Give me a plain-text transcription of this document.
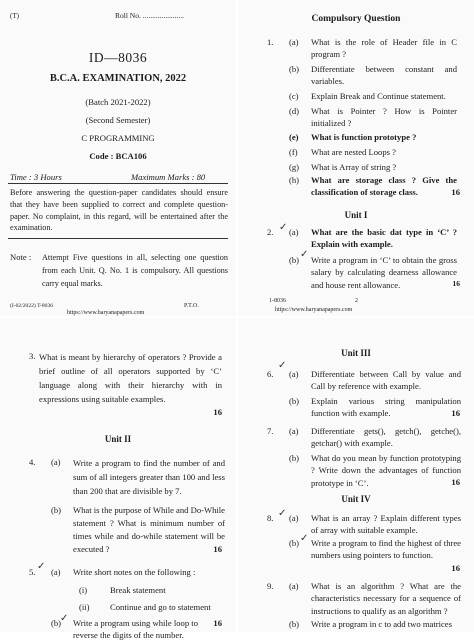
(T)	Roll No. ......................
ID—8036
B.C.A. EXAMINATION, 2022
(Batch 2021-2022)
(Second Semester)
C PROGRAMMING
Code : BCA106
Time : 3 Hours	Maximum Marks : 80
Before answering the question-paper candidates should ensure that they have been supplied to correct and complete question-paper. No complaint, in this regard, will be entertained after the examination.
Note : Attempt Five questions in all, selecting one question from each Unit. Q. No. 1 is compulsory. All questions carry equal marks.
(I-02/2022) T-8036	P.T.O.
https://www.haryanapapers.com
Compulsory Question
1. (a) What is the role of Header file in C program ?
(b) Differentiate between constant and variables.
(c) Explain Break and Continue statement.
(d) What is Pointer ? How is Pointer initialized ?
(e) What is function prototype ?
(f) What are nested Loops ?
(g) What is Array of string ?
(h) What are storage class ? Give the classification of storage class.	16
Unit I
2. ✓ (a) What are the basic dat type in ‘C’ ? Explain with example.
(b) ✓ Write a program in ‘C’ to obtain the gross salary by calculating dearness allowance and house rent allowance.	16
1-8036	2
https://www.haryanapapers.com
3. What is meant by hierarchy of operators ? Provide a brief outline of all operators supported by ‘C’ language along with their hierarchy with in expressions using suitable examples.
16
Unit II
4. (a) Write a program to find the number of and sum of all integers greater than 100 and less than 200 that are divisible by 7.
(b) What is the purpose of While and Do-While statement ? What is minimum number of times while and do-while statement will be executed ?	16
5. ✓ (a) Write short notes on the following :
(i)	Break statement
(ii) Continue and go to statement
(b)
✓ Write a program using while loop to reverse the digits of the number.
16
Unit III
6.
✓
(a) Differentiate between Call by value and Call by reference with example.
(b) Explain various string manipulation function with example.	16
7. (a) Differentiate gets(), getch(), getche(), getchar() with example.
(b) What do you mean by function prototyping ? Write down the advantages of function prototype in ‘C’.	16
Unit IV
8. ✓ (a) What is an array ? Explain different types of array with suitable example.
(b) ✓ Write a program to find the highest of three numbers using pointers to function.
16
9. (a) What is an algorithm ? What are the characteristics necessary for a sequence of instructions to qualify as an algorithm ?
(b) Write a program in c to add two matrices
